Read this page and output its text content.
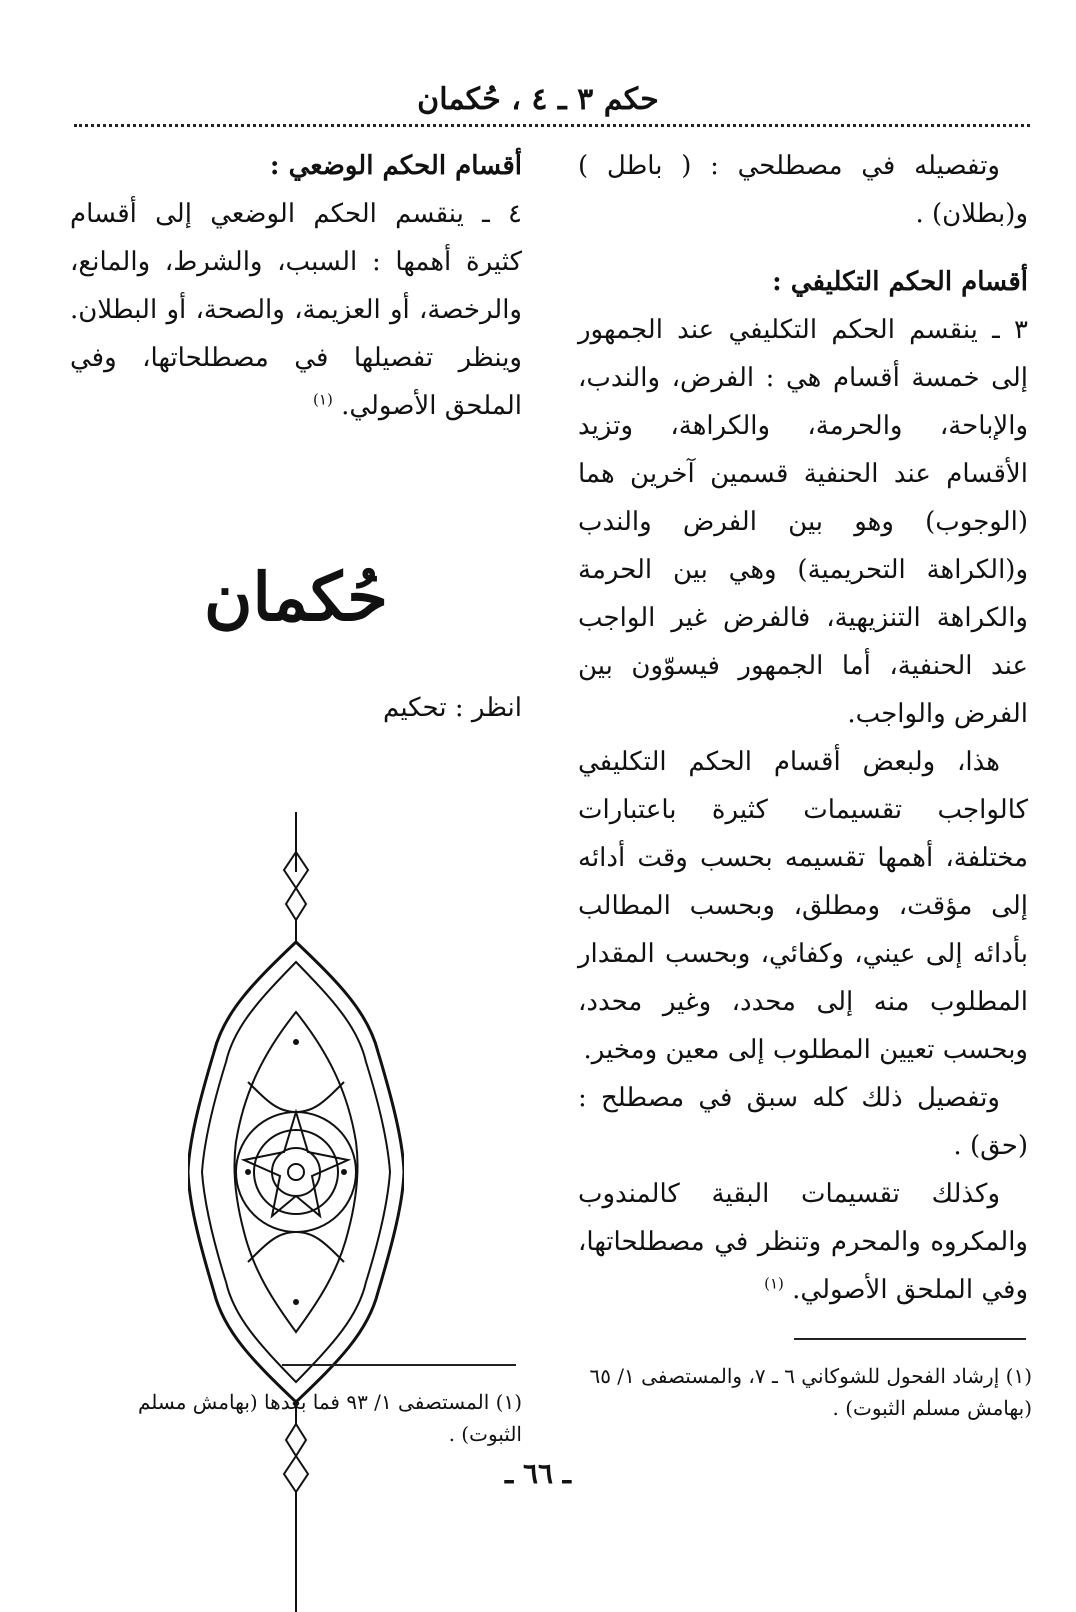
حكم ٣ ـ ٤ ، حُكمان

وتفصيله في مصطلحي : ( باطل ) و(بطلان) .

أقسام الحكم التكليفي :

٣ ـ ينقسم الحكم التكليفي عند الجمهور إلى خمسة أقسام هي : الفرض، والندب، والإباحة، والحرمة، والكراهة، وتزيد الأقسام عند الحنفية قسمين آخرين هما (الوجوب) وهو بين الفرض والندب و(الكراهة التحريمية) وهي بين الحرمة والكراهة التنزيهية، فالفرض غير الواجب عند الحنفية، أما الجمهور فيسوّون بين الفرض والواجب.

هذا، ولبعض أقسام الحكم التكليفي كالواجب تقسيمات كثيرة باعتبارات مختلفة، أهمها تقسيمه بحسب وقت أدائه إلى مؤقت، ومطلق، وبحسب المطالب بأدائه إلى عيني، وكفائي، وبحسب المقدار المطلوب منه إلى محدد، وغير محدد، وبحسب تعيين المطلوب إلى معين ومخير.

وتفصيل ذلك كله سبق في مصطلح : (حق) .

وكذلك تقسيمات البقية كالمندوب والمكروه والمحرم وتنظر في مصطلحاتها، وفي الملحق الأصولي. $^{(١)}$

أقسام الحكم الوضعي :

٤ ـ ينقسم الحكم الوضعي إلى أقسام كثيرة أهمها : السبب، والشرط، والمانع، والرخصة، أو العزيمة، والصحة، أو البطلان. وينظر تفصيلها في مصطلحاتها، وفي الملحق الأصولي. $^{(١)}$

حُكمان
انظر : تحكيم
(١) إرشاد الفحول للشوكاني ٦ ـ ٧، والمستصفى ١/ ٦٥ (بهامش مسلم الثبوت) .
(١) المستصفى ١/ ٩٣ فما بعدها (بهامش مسلم الثبوت) .
ـ ٦٦ ـ
